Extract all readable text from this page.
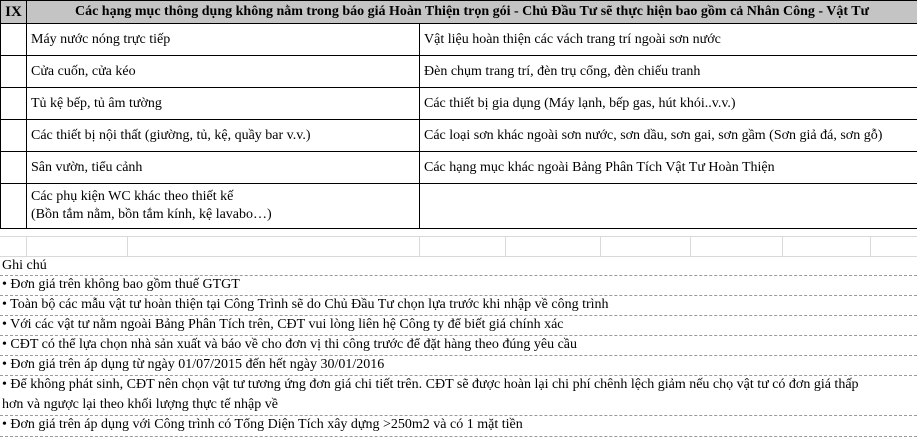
IX	Các hạng mục thông dụng không nằm trong báo giá Hoàn Thiện trọn gói - Chủ Đầu Tư sẽ thực hiện bao gồm cả Nhân Công - Vật Tư	
	Máy nước nóng trực tiếp	Vật liệu hoàn thiện các vách trang trí ngoài sơn nước
	Cửa cuốn, cửa kéo	Đèn chụm trang trí, đèn trụ cổng, đèn chiếu tranh
	Tủ kệ bếp, tủ âm tường	Các thiết bị gia dụng (Máy lạnh, bếp gas, hút khói..v.v.)
	Các thiết bị nội thất (giường, tủ, kệ, quầy bar v.v.)	Các loại sơn khác ngoài sơn nước, sơn dầu, sơn gai, sơn gầm (Sơn giả đá, sơn gỗ)
	Sân vườn, tiểu cảnh	Các hạng mục khác ngoài Bảng Phân Tích Vật Tư Hoàn Thiện

	Các phụ kiện WC khác theo thiết kế
(Bồn tắm nằm, bồn tắm kính, kệ lavabo…)	

Ghi chú
• Đơn giá trên không bao gồm thuế GTGT
• Toàn bộ các mẫu vật tư hoàn thiện tại Công Trình sẽ do Chủ Đầu Tư chọn lựa trước khi nhập về công trình
• Với các vật tư nằm ngoài Bảng Phân Tích trên, CĐT vui lòng liên hệ Công ty để biết giá chính xác
• CĐT có thể lựa chọn nhà sản xuất và báo về cho đơn vị thi công trước để đặt hàng theo đúng yêu cầu
• Đơn giá trên áp dụng từ ngày 01/07/2015 đến hết ngày 30/01/2016
• Để không phát sinh, CĐT nên chọn vật tư tương ứng đơn giá chi tiết trên. CĐT sẽ được hoàn lại chi phí chênh lệch giảm nếu chọ vật tư có đơn giá thấp
hơn và ngược lại theo khối lượng thực tế nhập về
• Đơn giá trên áp dụng với Công trình có Tổng Diện Tích xây dựng >250m2 và có 1 mặt tiền
